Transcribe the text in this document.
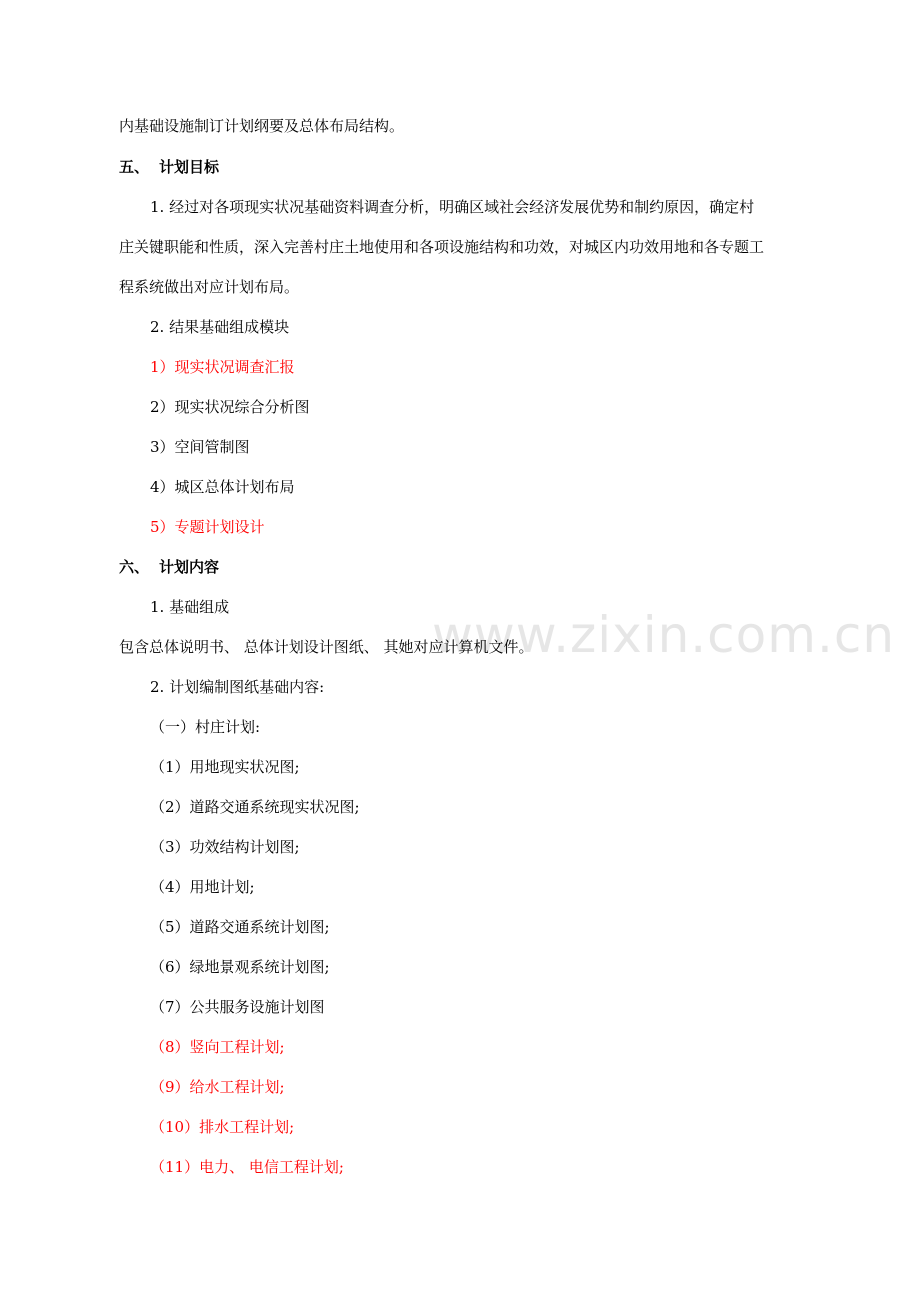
www.zixin.com.cn
内基础设施制订计划纲要及总体布局结构。
五、 计划目标
1. 经过对各项现实状况基础资料调查分析，明确区域社会经济发展优势和制约原因，确定村
庄关键职能和性质，深入完善村庄土地使用和各项设施结构和功效，对城区内功效用地和各专题工
程系统做出对应计划布局。
2. 结果基础组成模块
1）现实状况调查汇报
2）现实状况综合分析图
3）空间管制图
4）城区总体计划布局
5）专题计划设计
六、 计划内容
1. 基础组成
包含总体说明书、 总体计划设计图纸、 其她对应计算机文件。
2. 计划编制图纸基础内容:
（一）村庄计划:
（1）用地现实状况图;
（2）道路交通系统现实状况图;
（3）功效结构计划图;
（4）用地计划;
（5）道路交通系统计划图;
（6）绿地景观系统计划图;
（7）公共服务设施计划图
（8）竖向工程计划;
（9）给水工程计划;
（10）排水工程计划;
（11）电力、 电信工程计划;
